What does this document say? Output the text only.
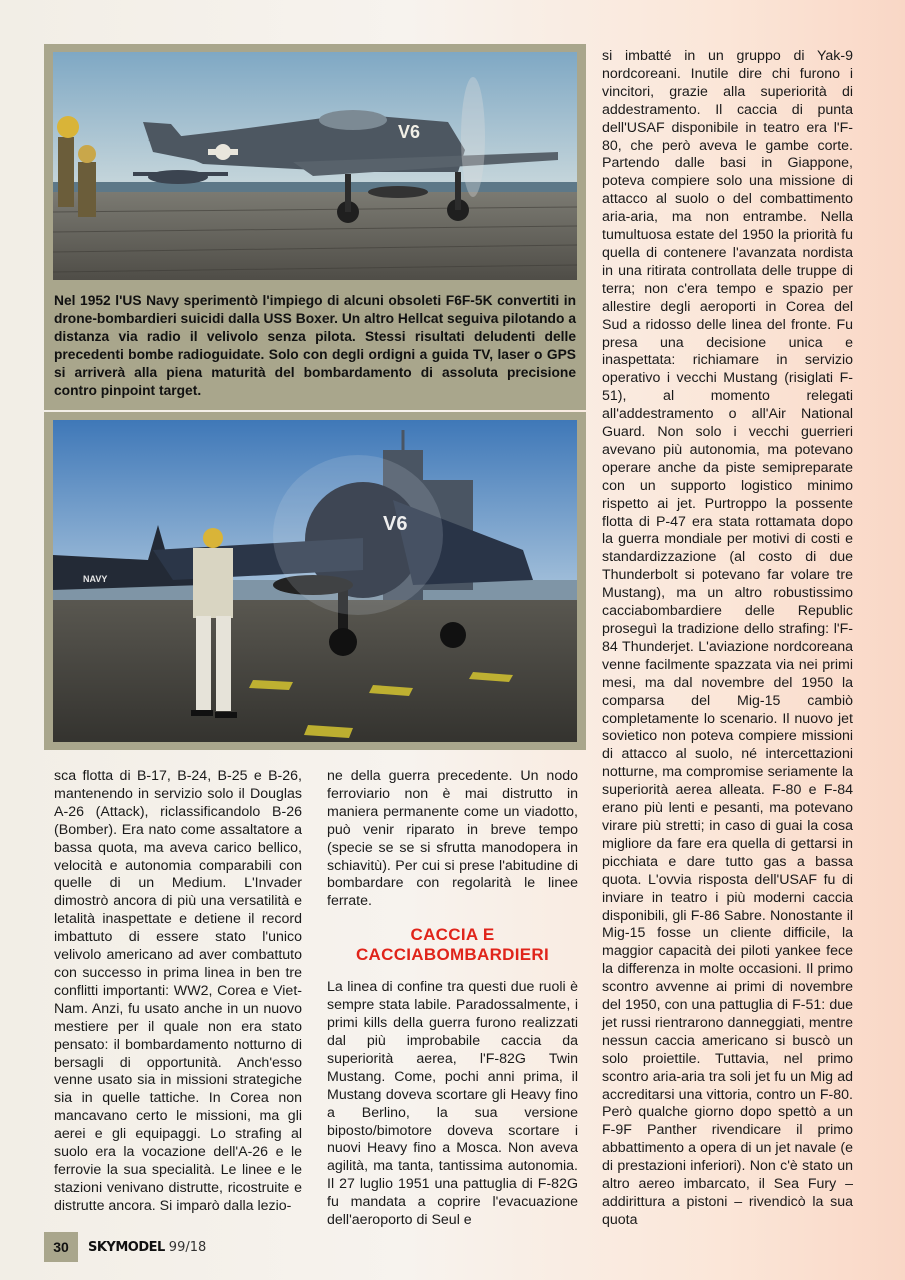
V6
Nel 1952 l'US Navy sperimentò l'impiego di alcuni obsoleti F6F-5K convertiti in drone-bombardieri suicidi dalla USS Boxer. Un altro Hellcat seguiva pilotando a distanza via radio il velivolo senza pilota. Stessi risultati deludenti delle precedenti bombe radioguidate. Solo con degli ordigni a guida TV, laser o GPS si arriverà alla piena maturità del bombardamento di assoluta precisione contro pinpoint target.
NAVY
V6

sca flotta di B-17, B-24, B-25 e B-26, mantenendo in servizio solo il Douglas A-26 (Attack), riclassificandolo B-26 (Bomber). Era nato come assaltatore a bassa quota, ma aveva carico bellico, velocità e autonomia comparabili con quelle di un Medium. L'Invader dimostrò ancora di più una versatilità e letalità inaspettate e detiene il record imbattuto di essere stato l'unico velivolo americano ad aver combattuto con successo in prima linea in ben tre conflitti importanti: WW2, Corea e Viet-Nam. Anzi, fu usato anche in un nuovo mestiere per il quale non era stato pensato: il bombardamento notturno di bersagli di opportunità. Anch'esso venne usato sia in missioni strategiche sia in quelle tattiche. In Corea non mancavano certo le missioni, ma gli aerei e gli equipaggi. Lo strafing al suolo era la vocazione dell'A-26 e le ferrovie la sua specialità. Le linee e le stazioni venivano distrutte, ricostruite e distrutte ancora. Si imparò dalla lezio-

ne della guerra precedente. Un nodo ferroviario non è mai distrutto in maniera permanente come un viadotto, può venir riparato in breve tempo (specie se se si sfrutta manodopera in schiavitù). Per cui si prese l'abitudine di bombardare con regolarità le linee ferrate.

CACCIA E
CACCIABOMBARDIERI

La linea di confine tra questi due ruoli è sempre stata labile. Paradossalmente, i primi kills della guerra furono realizzati dal più improbabile caccia da superiorità aerea, l'F-82G Twin Mustang. Come, pochi anni prima, il Mustang doveva scortare gli Heavy fino a Berlino, la sua versione biposto/bimotore doveva scortare i nuovi Heavy fino a Mosca. Non aveva agilità, ma tanta, tantissima autonomia. Il 27 luglio 1951 una pattuglia di F-82G fu mandata a coprire l'evacuazione dell'aeroporto di Seul e

si imbatté in un gruppo di Yak-9 nordcoreani. Inutile dire chi furono i vincitori, grazie alla superiorità di addestramento. Il caccia di punta dell'USAF disponibile in teatro era l'F-80, che però aveva le gambe corte. Partendo dalle basi in Giappone, poteva compiere solo una missione di attacco al suolo o del combattimento aria-aria, ma non entrambe. Nella tumultuosa estate del 1950 la priorità fu quella di contenere l'avanzata nordista in una ritirata controllata delle truppe di terra; non c'era tempo e spazio per allestire degli aeroporti in Corea del Sud a ridosso delle linea del fronte. Fu presa una decisione unica e inaspettata: richiamare in servizio operativo i vecchi Mustang (risiglati F-51), al momento relegati all'addestramento o all'Air National Guard. Non solo i vecchi guerrieri avevano più autonomia, ma potevano operare anche da piste semipreparate con un supporto logistico minimo rispetto ai jet. Purtroppo la possente flotta di P-47 era stata rottamata dopo la guerra mondiale per motivi di costi e standardizzazione (al costo di due Thunderbolt si potevano far volare tre Mustang), ma un altro robustissimo cacciabombardiere delle Republic proseguì la tradizione dello strafing: l'F-84 Thunderjet. L'aviazione nordcoreana venne facilmente spazzata via nei primi mesi, ma dal novembre del 1950 la comparsa del Mig-15 cambiò completamente lo scenario. Il nuovo jet sovietico non poteva compiere missioni di attacco al suolo, né intercettazioni notturne, ma compromise seriamente la superiorità aerea alleata. F-80 e F-84 erano più lenti e pesanti, ma potevano virare più stretti; in caso di guai la cosa migliore da fare era quella di gettarsi in picchiata e dare tutto gas a bassa quota. L'ovvia risposta dell'USAF fu di inviare in teatro i più moderni caccia disponibili, gli F-86 Sabre. Nonostante il Mig-15 fosse un cliente difficile, la maggior capacità dei piloti yankee fece la differenza in molte occasioni. Il primo scontro avvenne ai primi di novembre del 1950, con una pattuglia di F-51: due jet russi rientrarono danneggiati, mentre nessun caccia americano si buscò un solo proiettile. Tuttavia, nel primo scontro aria-aria tra soli jet fu un Mig ad accreditarsi una vittoria, contro un F-80. Però qualche giorno dopo spettò a un F-9F Panther rivendicare il primo abbattimento a opera di un jet navale (e di prestazioni inferiori). Non c'è stato un altro aereo imbarcato, il Sea Fury – addirittura a pistoni – rivendicò la sua quota

30	SKYMODEL 99/18
